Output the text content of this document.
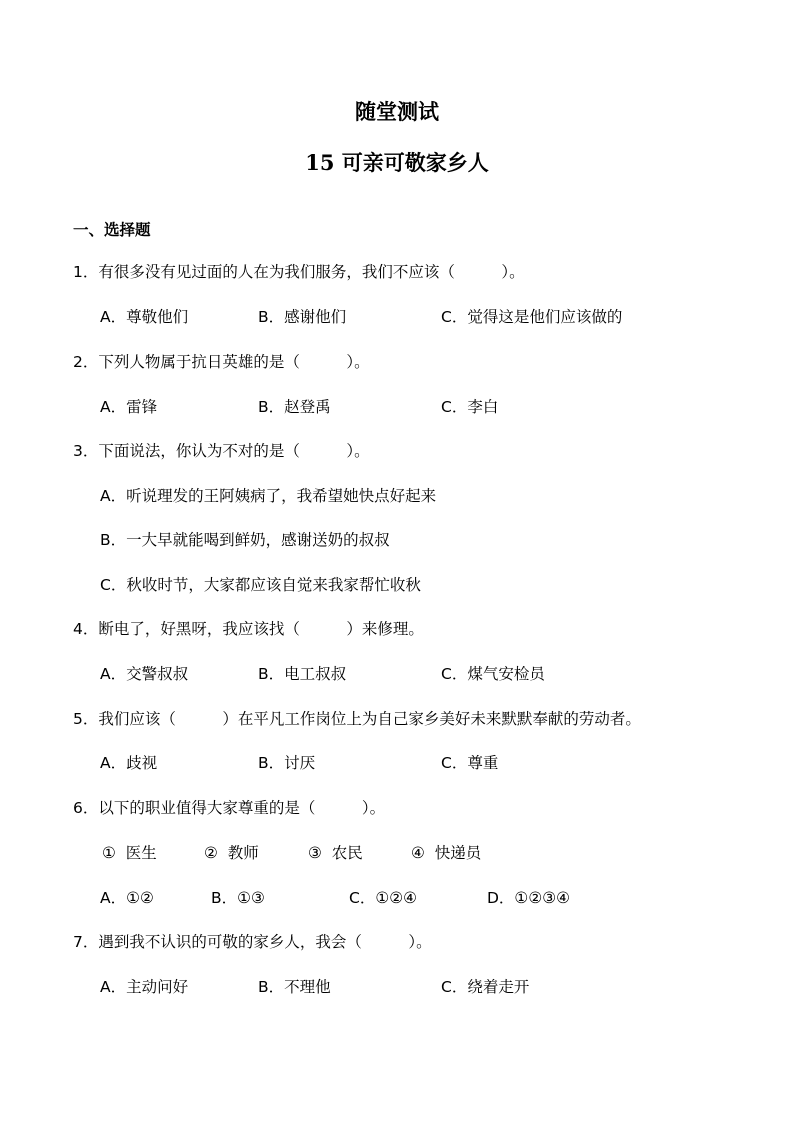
随堂测试
15 可亲可敬家乡人
一、选择题
1．有很多没有见过面的人在为我们服务，我们不应该（　　　）。
A．尊敬他们	B．感谢他们	C．觉得这是他们应该做的
2．下列人物属于抗日英雄的是（　　　）。
A．雷锋	B．赵登禹	C．李白
3．下面说法，你认为不对的是（　　　）。
A．听说理发的王阿姨病了，我希望她快点好起来
B．一大早就能喝到鲜奶，感谢送奶的叔叔
C．秋收时节，大家都应该自觉来我家帮忙收秋
4．断电了，好黑呀，我应该找（　　　）来修理。
A．交警叔叔	B．电工叔叔	C．煤气安检员
5．我们应该（　　　）在平凡工作岗位上为自己家乡美好未来默默奉献的劳动者。
A．歧视	B．讨厌	C．尊重
6．以下的职业值得大家尊重的是（　　　）。
①  医生	②  教师	③  农民	④  快递员
A．①②	B．①③	C．①②④	D．①②③④
7．遇到我不认识的可敬的家乡人，我会（　　　）。
A．主动问好	B．不理他	C．绕着走开
